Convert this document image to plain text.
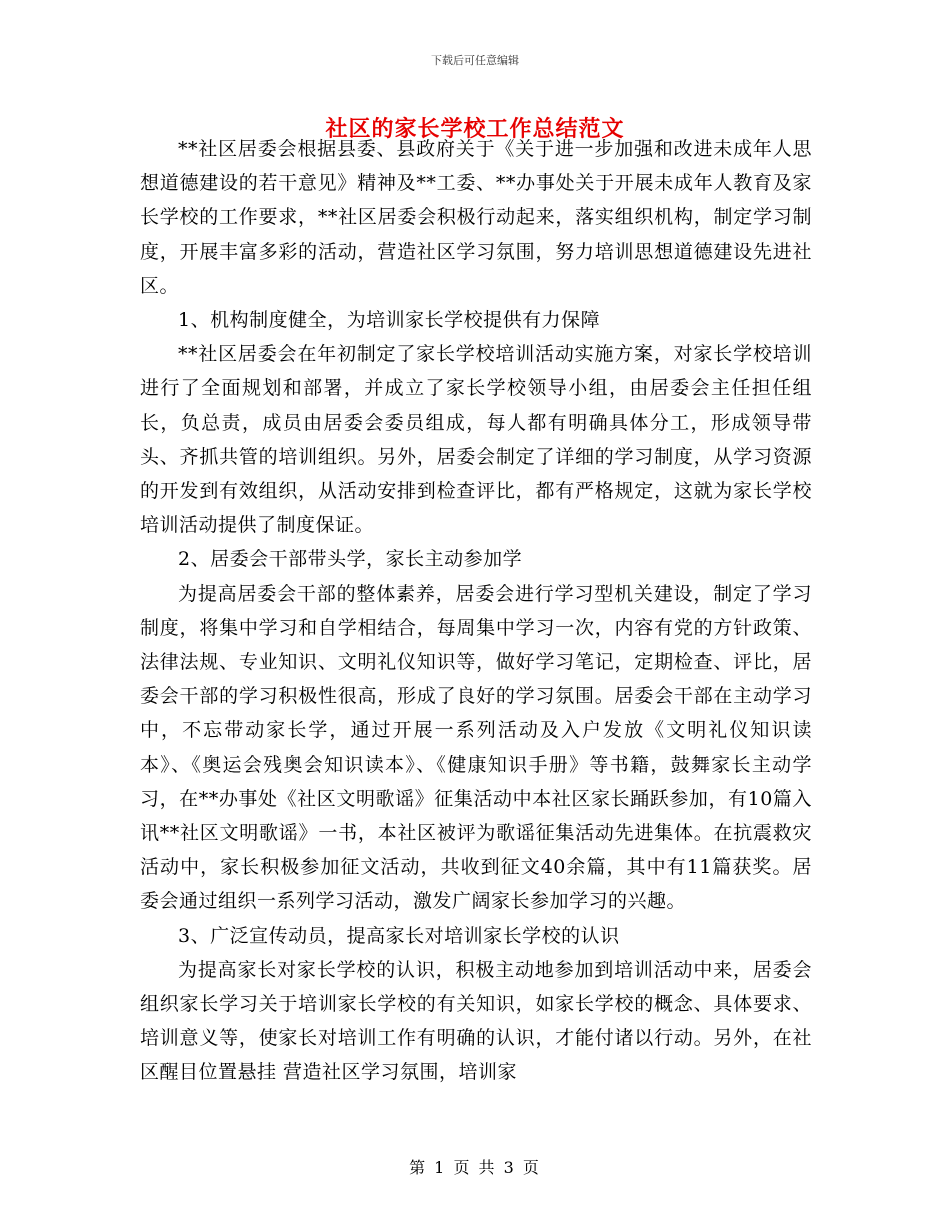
下载后可任意编辑
社区的家长学校工作总结范文

**社区居委会根据县委、县政府关于《关于进一步加强和改进未成年人思想道德建设的若干意见》精神及**工委、**办事处关于开展未成年人教育及家长学校的工作要求，**社区居委会积极行动起来，落实组织机构，制定学习制度，开展丰富多彩的活动，营造社区学习氛围，努力培训思想道德建设先进社区。

1、机构制度健全，为培训家长学校提供有力保障

**社区居委会在年初制定了家长学校培训活动实施方案，对家长学校培训进行了全面规划和部署，并成立了家长学校领导小组，由居委会主任担任组长，负总责，成员由居委会委员组成，每人都有明确具体分工，形成领导带头、齐抓共管的培训组织。另外，居委会制定了详细的学习制度，从学习资源的开发到有效组织，从活动安排到检查评比，都有严格规定，这就为家长学校培训活动提供了制度保证。

2、居委会干部带头学，家长主动参加学

为提高居委会干部的整体素养，居委会进行学习型机关建设，制定了学习制度，将集中学习和自学相结合，每周集中学习一次，内容有党的方针政策、法律法规、专业知识、文明礼仪知识等，做好学习笔记，定期检查、评比，居委会干部的学习积极性很高，形成了良好的学习氛围。居委会干部在主动学习中，不忘带动家长学，通过开展一系列活动及入户发放《文明礼仪知识读本》、《奥运会残奥会知识读本》、《健康知识手册》等书籍，鼓舞家长主动学习，在**办事处《社区文明歌谣》征集活动中本社区家长踊跃参加，有10篇入讯**社区文明歌谣》一书，本社区被评为歌谣征集活动先进集体。在抗震救灾活动中，家长积极参加征文活动，共收到征文40余篇，其中有11篇获奖。居委会通过组织一系列学习活动，激发广阔家长参加学习的兴趣。

3、广泛宣传动员，提高家长对培训家长学校的认识

为提高家长对家长学校的认识，积极主动地参加到培训活动中来，居委会组织家长学习关于培训家长学校的有关知识，如家长学校的概念、具体要求、培训意义等，使家长对培训工作有明确的认识，才能付诸以行动。另外，在社区醒目位置悬挂 营造社区学习氛围，培训家

第 1 页 共 3 页
